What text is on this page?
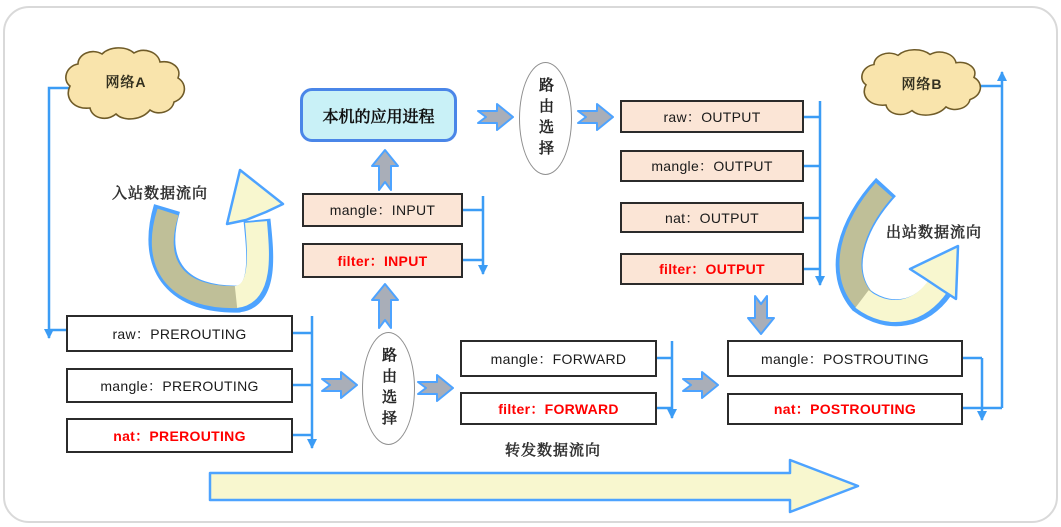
网络A	网络B
本机的应用进程	路由选择
路由选择
mangle：INPUT
filter：INPUT
raw：OUTPUT
mangle：OUTPUT
nat：OUTPUT
filter：OUTPUT
raw：PREROUTING
mangle：PREROUTING
nat：PREROUTING
mangle：FORWARD
filter：FORWARD
mangle：POSTROUTING
nat：POSTROUTING
入站数据流向
出站数据流向
转发数据流向
